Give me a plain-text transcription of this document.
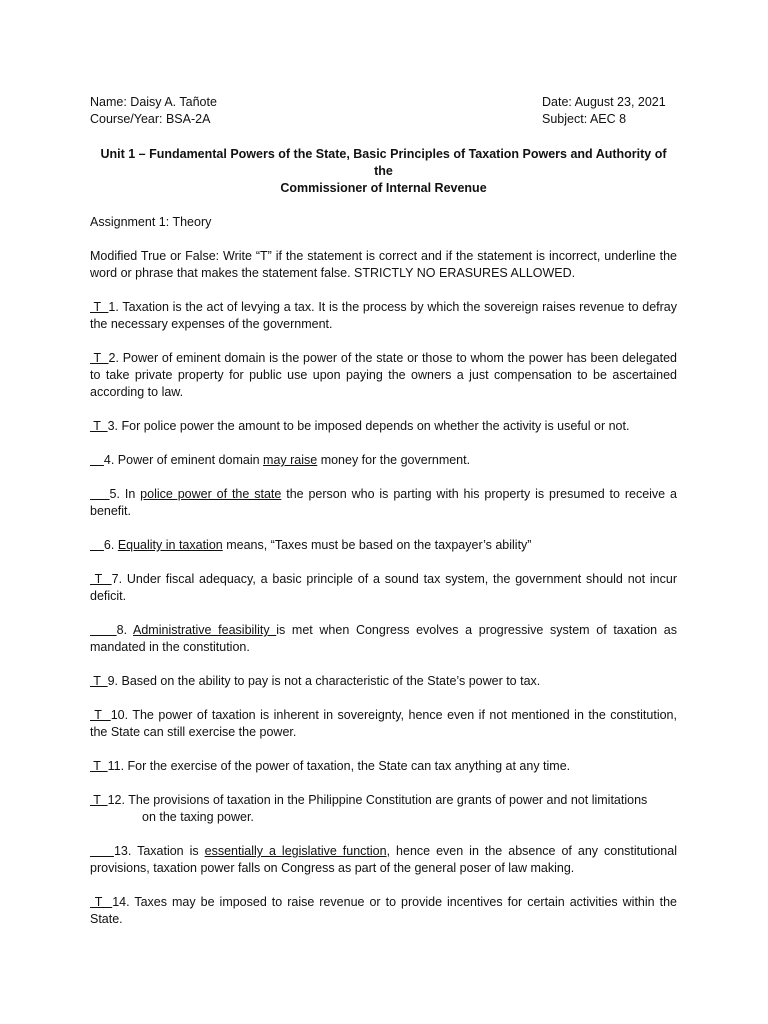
Name: Daisy A. Tañote
Course/Year: BSA-2A
Date: August 23, 2021
Subject: AEC 8
Unit 1 – Fundamental Powers of the State, Basic Principles of Taxation Powers and Authority of the
Commissioner of Internal Revenue
Assignment 1: Theory
Modified True or False: Write “T” if the statement is correct and if the statement is incorrect, underline the word or phrase that makes the statement false. STRICTLY NO ERASURES ALLOWED.
T  1. Taxation is the act of levying a tax. It is the process by which the sovereign raises revenue to defray the necessary expenses of the government.
T  2. Power of eminent domain is the power of the state or those to whom the power has been delegated to take private property for public use upon paying the owners a just compensation to be ascertained according to law.
T  3. For police power the amount to be imposed depends on whether the activity is useful or not.
4. Power of eminent domain may raise money for the government.
5. In police power of the state the person who is parting with his property is presumed to receive a benefit.
6. Equality in taxation means, “Taxes must be based on the taxpayer’s ability”
T  7. Under fiscal adequacy, a basic principle of a sound tax system, the government should not incur deficit.
8. Administrative feasibility is met when Congress evolves a progressive system of taxation as mandated in the constitution.
T  9. Based on the ability to pay is not a characteristic of the State’s power to tax.
T  10. The power of taxation is inherent in sovereignty, hence even if not mentioned in the constitution, the State can still exercise the power.
T  11. For the exercise of the power of taxation, the State can tax anything at any time.
T  12. The provisions of taxation in the Philippine Constitution are grants of power and not limitations
on the taxing power.
13. Taxation is essentially a legislative function, hence even in the absence of any constitutional provisions, taxation power falls on Congress as part of the general poser of law making.
T  14. Taxes may be imposed to raise revenue or to provide incentives for certain activities within the State.
